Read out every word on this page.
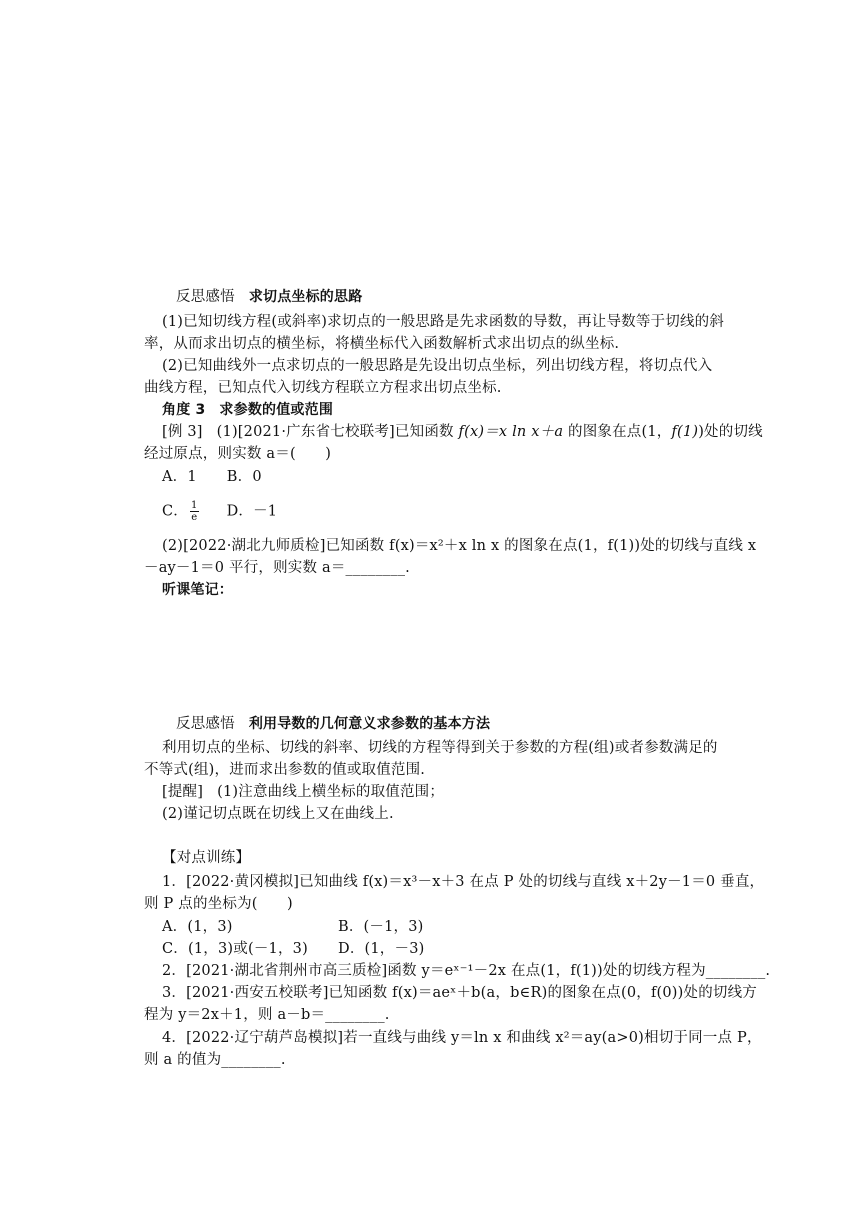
反思感悟 求切点坐标的思路
(1)已知切线方程(或斜率)求切点的一般思路是先求函数的导数，再让导数等于切线的斜
率，从而求出切点的横坐标，将横坐标代入函数解析式求出切点的纵坐标.
(2)已知曲线外一点求切点的一般思路是先设出切点坐标，列出切线方程，将切点代入
曲线方程，已知点代入切线方程联立方程求出切点坐标.
角度 3 求参数的值或范围
[例 3] (1)[2021·广东省七校联考]已知函数 f(x)＝x ln x＋a 的图象在点(1，f(1))处的切线
经过原点，则实数 a＝(　　)
A．1 B．0
C． $\frac{1}{e}$ D．－1
(2)[2022·湖北九师质检]已知函数 f(x)＝x²＋x ln x 的图象在点(1，f(1))处的切线与直线 x
－ay－1＝0 平行，则实数 a＝________.
听课笔记：
反思感悟 利用导数的几何意义求参数的基本方法
利用切点的坐标、切线的斜率、切线的方程等得到关于参数的方程(组)或者参数满足的
不等式(组)，进而求出参数的值或取值范围.
[提醒] (1)注意曲线上横坐标的取值范围；
(2)谨记切点既在切线上又在曲线上.
【对点训练】
1．[2022·黄冈模拟]已知曲线 f(x)＝x³－x＋3 在点 P 处的切线与直线 x＋2y－1＝0 垂直，
则 P 点的坐标为(　　)
A．(1，3)	B．(－1，3)
C．(1，3)或(－1，3) D．(1，－3)
2．[2021·湖北省荆州市高三质检]函数 y＝eˣ⁻¹－2x 在点(1，f(1))处的切线方程为________.
3．[2021·西安五校联考]已知函数 f(x)＝aeˣ＋b(a，b∈R)的图象在点(0，f(0))处的切线方
程为 y＝2x＋1，则 a－b＝________.
4．[2022·辽宁葫芦岛模拟]若一直线与曲线 y＝ln x 和曲线 x²＝ay(a>0)相切于同一点 P，
则 a 的值为________.
